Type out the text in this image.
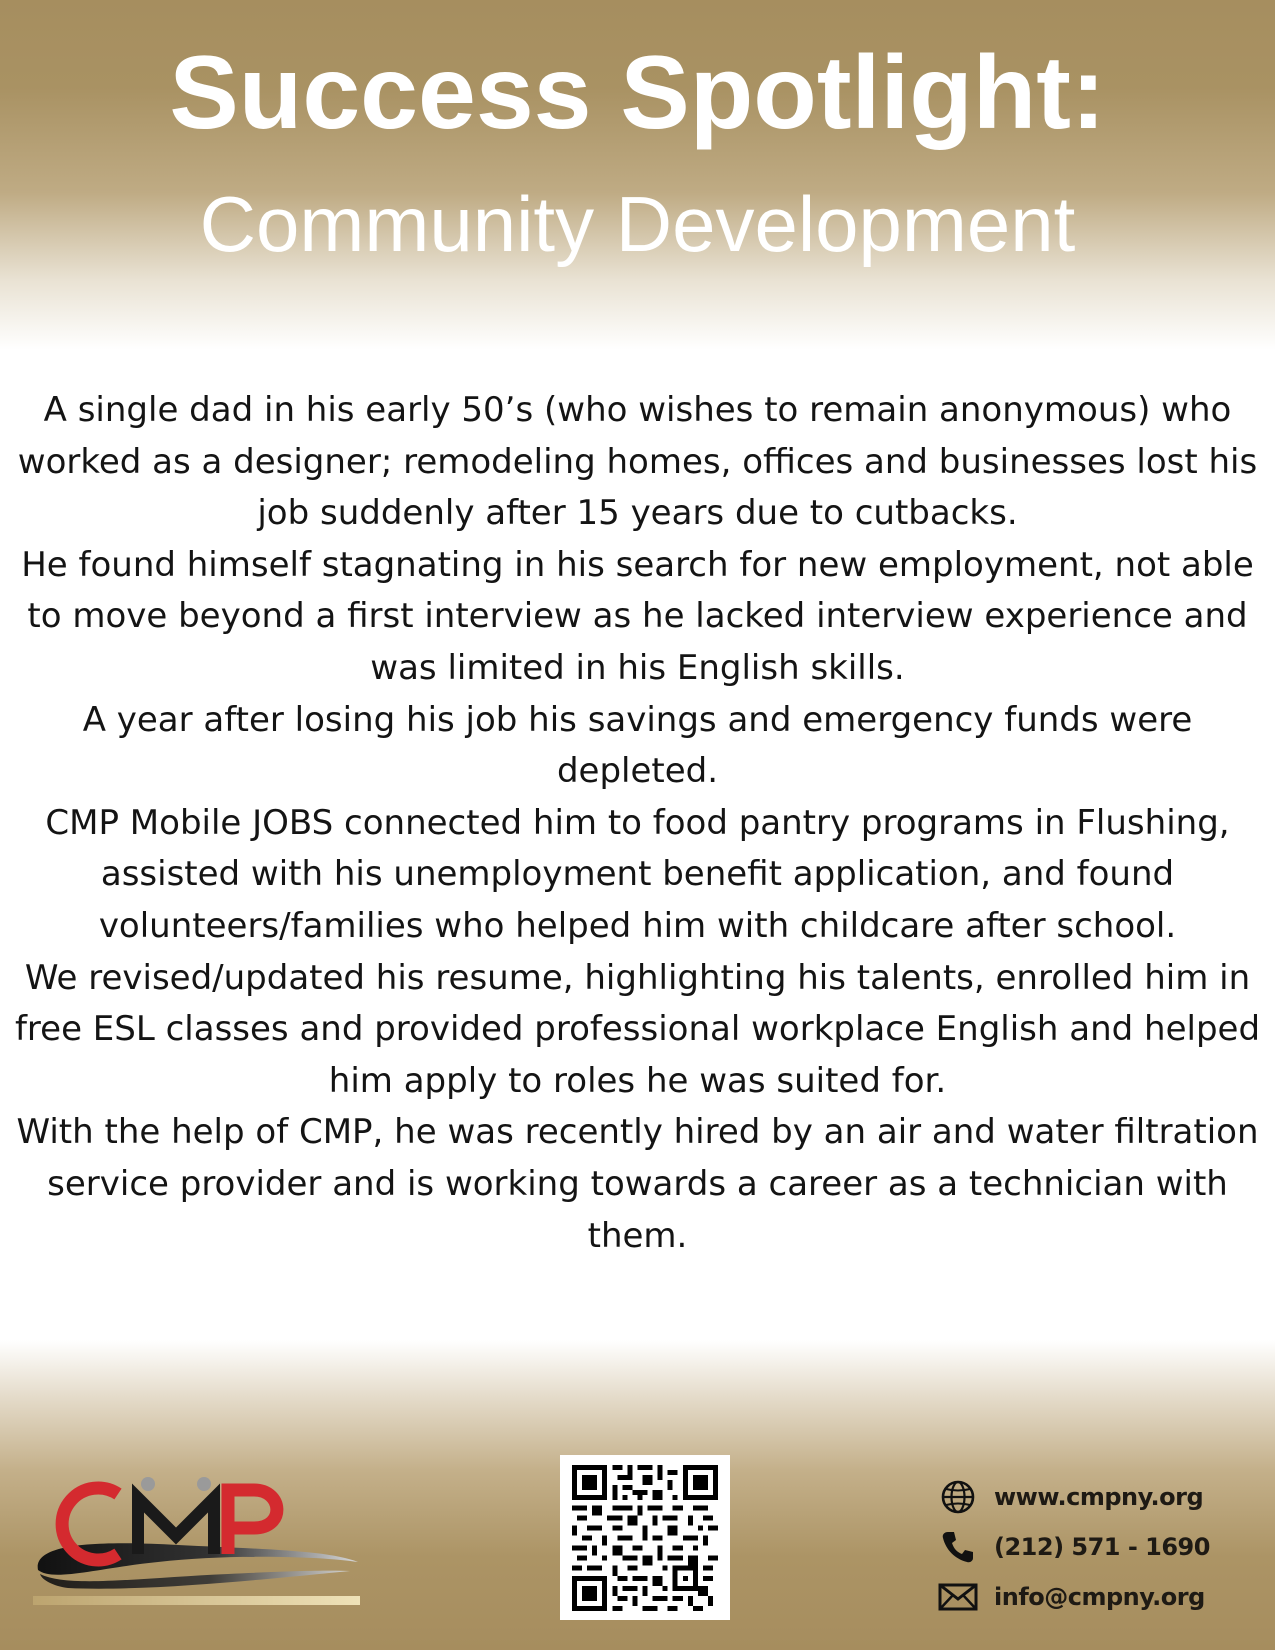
Success Spotlight:
Community Development

A single dad in his early 50’s (who wishes to remain anonymous) who worked as a designer; remodeling homes, offices and businesses lost his job suddenly after 15 years due to cutbacks.

He found himself stagnating in his search for new employment, not able to move beyond a first interview as he lacked interview experience and was limited in his English skills.

A year after losing his job his savings and emergency funds were depleted.

CMP Mobile JOBS connected him to food pantry programs in Flushing, assisted with his unemployment benefit application, and found volunteers/families who helped him with childcare after school.

We revised/updated his resume, highlighting his talents, enrolled him in free ESL classes and provided professional workplace English and helped him apply to roles he was suited for.

With the help of CMP, he was recently hired by an air and water filtration service provider and is working towards a career as a technician with them.

www.cmpny.org
(212) 571 - 1690
info@cmpny.org
